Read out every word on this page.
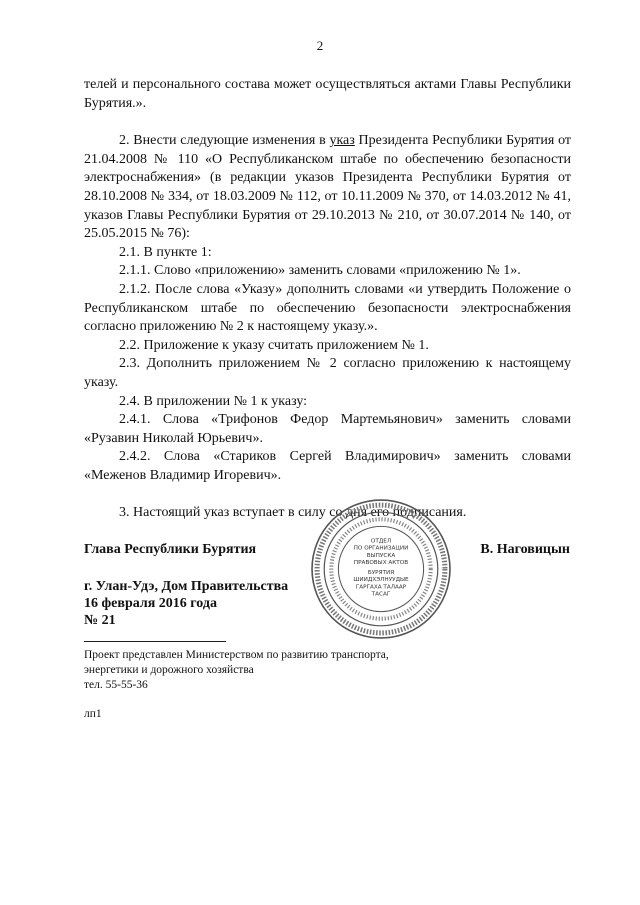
2

телей и персонального состава может осуществляться актами Главы Республики Бурятия.».

2. Внести следующие изменения в указ Президента Республики Бурятия от 21.04.2008 № 110 «О Республиканском штабе по обеспечению безопасности электроснабжения» (в редакции указов Президента Республики Бурятия от 28.10.2008 № 334, от 18.03.2009 № 112, от 10.11.2009 № 370, от 14.03.2012 № 41, указов Главы Республики Бурятия от 29.10.2013 № 210, от 30.07.2014 № 140, от 25.05.2015 № 76):

2.1. В пункте 1:

2.1.1. Слово «приложению» заменить словами «приложению № 1».

2.1.2. После слова «Указу» дополнить словами «и утвердить Положение о Республиканском штабе по обеспечению безопасности электроснабжения согласно приложению № 2 к настоящему указу.».

2.2. Приложение к указу считать приложением № 1.

2.3. Дополнить приложением № 2 согласно приложению к настоящему указу.

2.4. В приложении № 1 к указу:

2.4.1. Слова «Трифонов Федор Мартемьянович» заменить словами «Рузавин Николай Юрьевич».

2.4.2. Слова «Стариков Сергей Владимирович» заменить словами «Меженов Владимир Игоревич».

3. Настоящий указ вступает в силу со дня его подписания.

ОТДЕЛ
ПО ОРГАНИЗАЦИИ
ВЫПУСКА
ПРАВОВЫХ АКТОВ
БУРЯТИЯ
ШИИДХЭЛНУУДЫЕ
ГАРГАХА ТАЛААР
ТАСАГ
Глава Республики Бурятия	В. Наговицын
г. Улан-Удэ, Дом Правительства
16 февраля 2016 года
№ 21
Проект представлен Министерством по развитию транспорта,
энергетики и дорожного хозяйства
тел. 55-55-36
лп1
